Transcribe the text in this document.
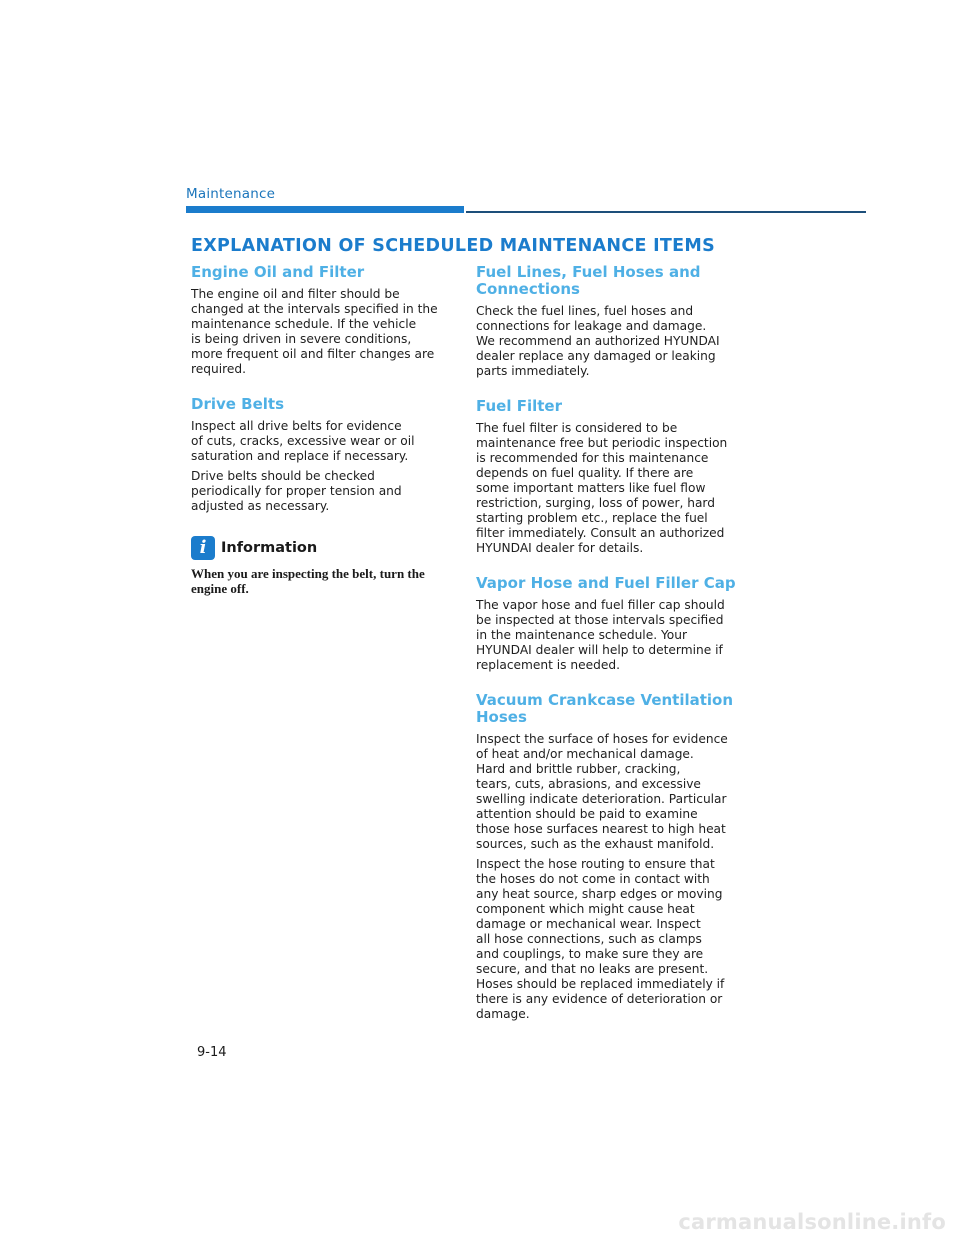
Maintenance
EXPLANATION OF SCHEDULED MAINTENANCE ITEMS
Engine Oil and Filter
The engine oil and filter should be
changed at the intervals specified in the
maintenance schedule. If the vehicle
is being driven in severe conditions,
more frequent oil and filter changes are
required.
Drive Belts
Inspect all drive belts for evidence
of cuts, cracks, excessive wear or oil
saturation and replace if necessary.
Drive belts should be checked
periodically for proper tension and
adjusted as necessary.
i	Information
When you are inspecting the belt, turn the
engine off.
Fuel Lines, Fuel Hoses and
Connections
Check the fuel lines, fuel hoses and
connections for leakage and damage.
We recommend an authorized HYUNDAI
dealer replace any damaged or leaking
parts immediately.
Fuel Filter
The fuel filter is considered to be
maintenance free but periodic inspection
is recommended for this maintenance
depends on fuel quality. If there are
some important matters like fuel flow
restriction, surging, loss of power, hard
starting problem etc., replace the fuel
filter immediately. Consult an authorized
HYUNDAI dealer for details.
Vapor Hose and Fuel Filler Cap
The vapor hose and fuel filler cap should
be inspected at those intervals specified
in the maintenance schedule. Your
HYUNDAI dealer will help to determine if
replacement is needed.
Vacuum Crankcase Ventilation
Hoses
Inspect the surface of hoses for evidence
of heat and/or mechanical damage.
Hard and brittle rubber, cracking,
tears, cuts, abrasions, and excessive
swelling indicate deterioration. Particular
attention should be paid to examine
those hose surfaces nearest to high heat
sources, such as the exhaust manifold.
Inspect the hose routing to ensure that
the hoses do not come in contact with
any heat source, sharp edges or moving
component which might cause heat
damage or mechanical wear. Inspect
all hose connections, such as clamps
and couplings, to make sure they are
secure, and that no leaks are present.
Hoses should be replaced immediately if
there is any evidence of deterioration or
damage.
9-14
carmanualsonline.info
